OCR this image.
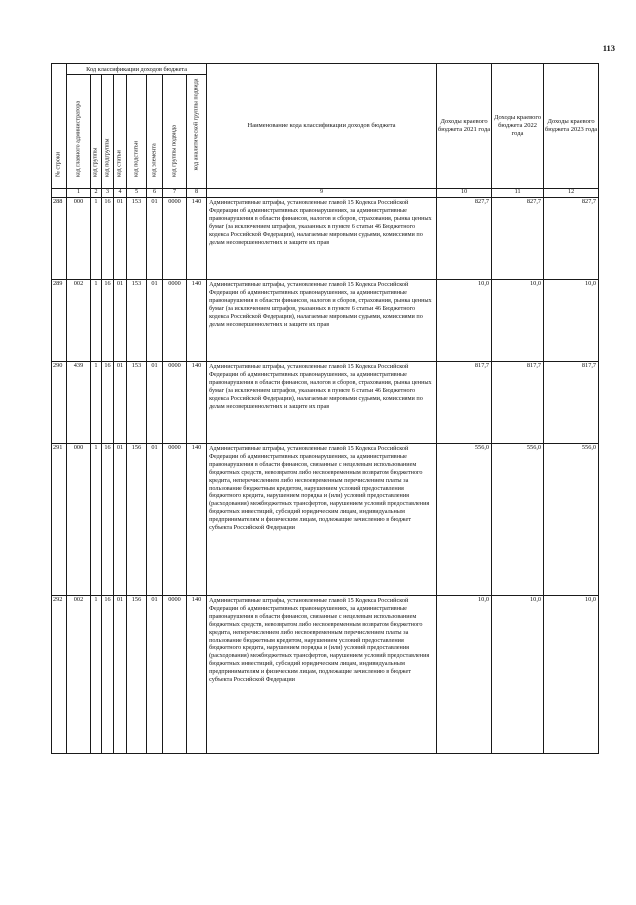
113
№ строки	Код классификации доходов бюджета								Наименование кода классификации доходов бюджета	Доходы краевого бюджета 2021 года	Доходы краевого бюджета 2022 года	Доходы краевого бюджета 2023 года

	код главного администратора	код группы	код подгруппы	код статьи	код подстатьи	код элемента	код группы подвида	код аналитической группы подвида				

	1	2	3	4	5	6	7	8	9	10	11	12
288	000	1	16	01	153	01	0000	140	Административные штрафы, установленные главой 15 Кодекса Российской Федерации об административных правонарушениях, за административные правонарушения в области финансов, налогов и сборов, страхования, рынка ценных бумаг (за исключением штрафов, указанных в пункте 6 статьи 46 Бюджетного кодекса Российской Федерации), налагаемые мировыми судьями, комиссиями по делам несовершеннолетних и защите их прав	827,7	827,7	827,7
289	002	1	16	01	153	01	0000	140	Административные штрафы, установленные главой 15 Кодекса Российской Федерации об административных правонарушениях, за административные правонарушения в области финансов, налогов и сборов, страхования, рынка ценных бумаг (за исключением штрафов, указанных в пункте 6 статьи 46 Бюджетного кодекса Российской Федерации), налагаемые мировыми судьями, комиссиями по делам несовершеннолетних и защите их прав	10,0	10,0	10,0
290	439	1	16	01	153	01	0000	140	Административные штрафы, установленные главой 15 Кодекса Российской Федерации об административных правонарушениях, за административные правонарушения в области финансов, налогов и сборов, страхования, рынка ценных бумаг (за исключением штрафов, указанных в пункте 6 статьи 46 Бюджетного кодекса Российской Федерации), налагаемые мировыми судьями, комиссиями по делам несовершеннолетних и защите их прав	817,7	817,7	817,7
291	000	1	16	01	156	01	0000	140	Административные штрафы, установленные главой 15 Кодекса Российской Федерации об административных правонарушениях, за административные правонарушения в области финансов, связанные с нецелевым использованием бюджетных средств, невозвратом либо несвоевременным возвратом бюджетного кредита, неперечислением либо несвоевременным перечислением платы за пользование бюджетным кредитом, нарушением условий предоставления бюджетного кредита, нарушением порядка и (или) условий предоставления (расходования) межбюджетных трансфертов, нарушением условий предоставления бюджетных инвестиций, субсидий юридическим лицам, индивидуальным предпринимателям и физическим лицам, подлежащие зачислению в бюджет субъекта Российской Федерации	556,0	556,0	556,0
292	002	1	16	01	156	01	0000	140	Административные штрафы, установленные главой 15 Кодекса Российской Федерации об административных правонарушениях, за административные правонарушения в области финансов, связанные с нецелевым использованием бюджетных средств, невозвратом либо несвоевременным возвратом бюджетного кредита, неперечислением либо несвоевременным перечислением платы за пользование бюджетным кредитом, нарушением условий предоставления бюджетного кредита, нарушением порядка и (или) условий предоставления (расходования) межбюджетных трансфертов, нарушением условий предоставления бюджетных инвестиций, субсидий юридическим лицам, индивидуальным предпринимателям и физическим лицам, подлежащие зачислению в бюджет субъекта Российской Федерации	10,0	10,0	10,0
